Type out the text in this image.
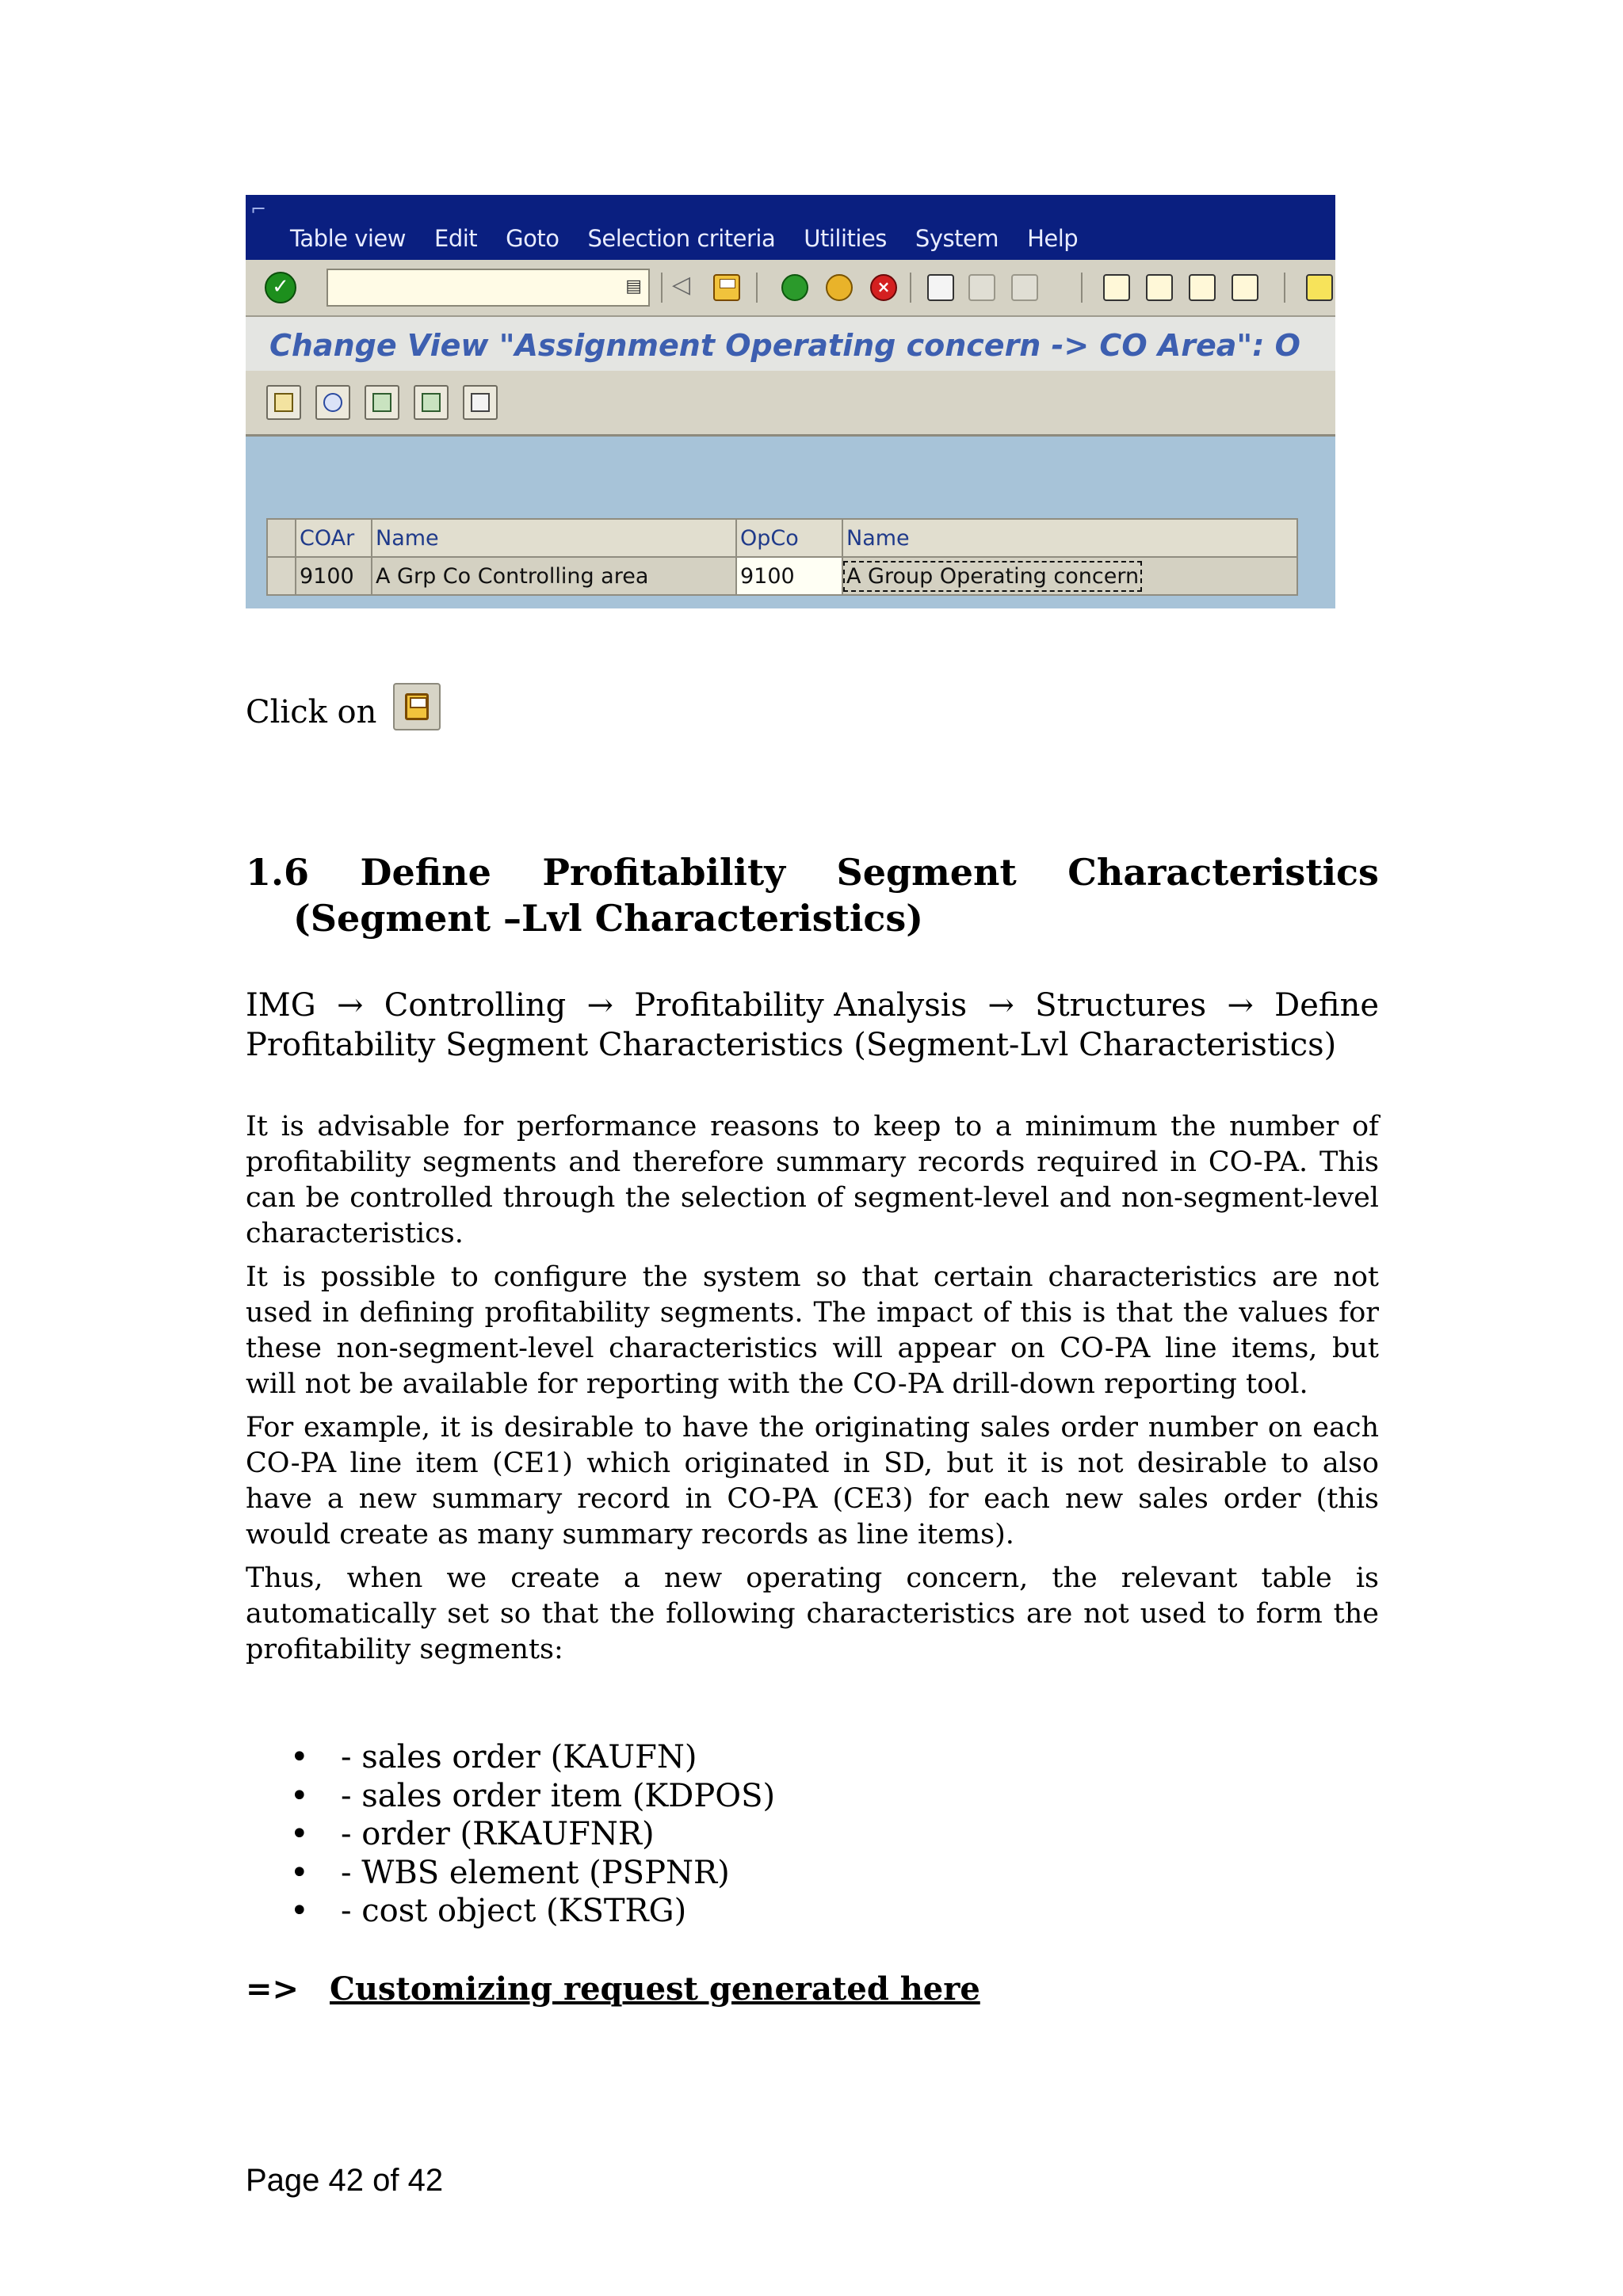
⌐
Table view Edit Goto Selection criteria Utilities System Help
✓	▤ ◁	×
Change View "Assignment Operating concern -> CO Area": O
	COAr	Name	OpCo	Name
	9100	A Grp Co Controlling area	9100	A Group Operating concern
Click on
1.6 Define Profitability Segment Characteristics
(Segment –Lvl Characteristics)
IMG → Controlling → Profitability Analysis → Structures → Define
Profitability Segment Characteristics (Segment-Lvl Characteristics)

It is advisable for performance reasons to keep to a minimum the number of profitability segments and therefore summary records required in CO-PA. This can be controlled through the selection of segment-level and non-segment-level characteristics.

It is possible to configure the system so that certain characteristics are not used in defining profitability segments. The impact of this is that the values for these non-segment-level characteristics will appear on CO-PA line items, but will not be available for reporting with the CO-PA drill-down reporting tool.

For example, it is desirable to have the originating sales order number on each CO-PA line item (CE1) which originated in SD, but it is not desirable to also have a new summary record in CO-PA (CE3) for each new sales order (this would create as many summary records as line items).

Thus, when we create a new operating concern, the relevant table is automatically set so that the following characteristics are not used to form the profitability segments:

• - sales order (KAUFN)
• - sales order item (KDPOS)
• - order (RKAUFNR)
• - WBS element (PSPNR)
• - cost object (KSTRG)
=> Customizing request generated here
Page 42 of 42
